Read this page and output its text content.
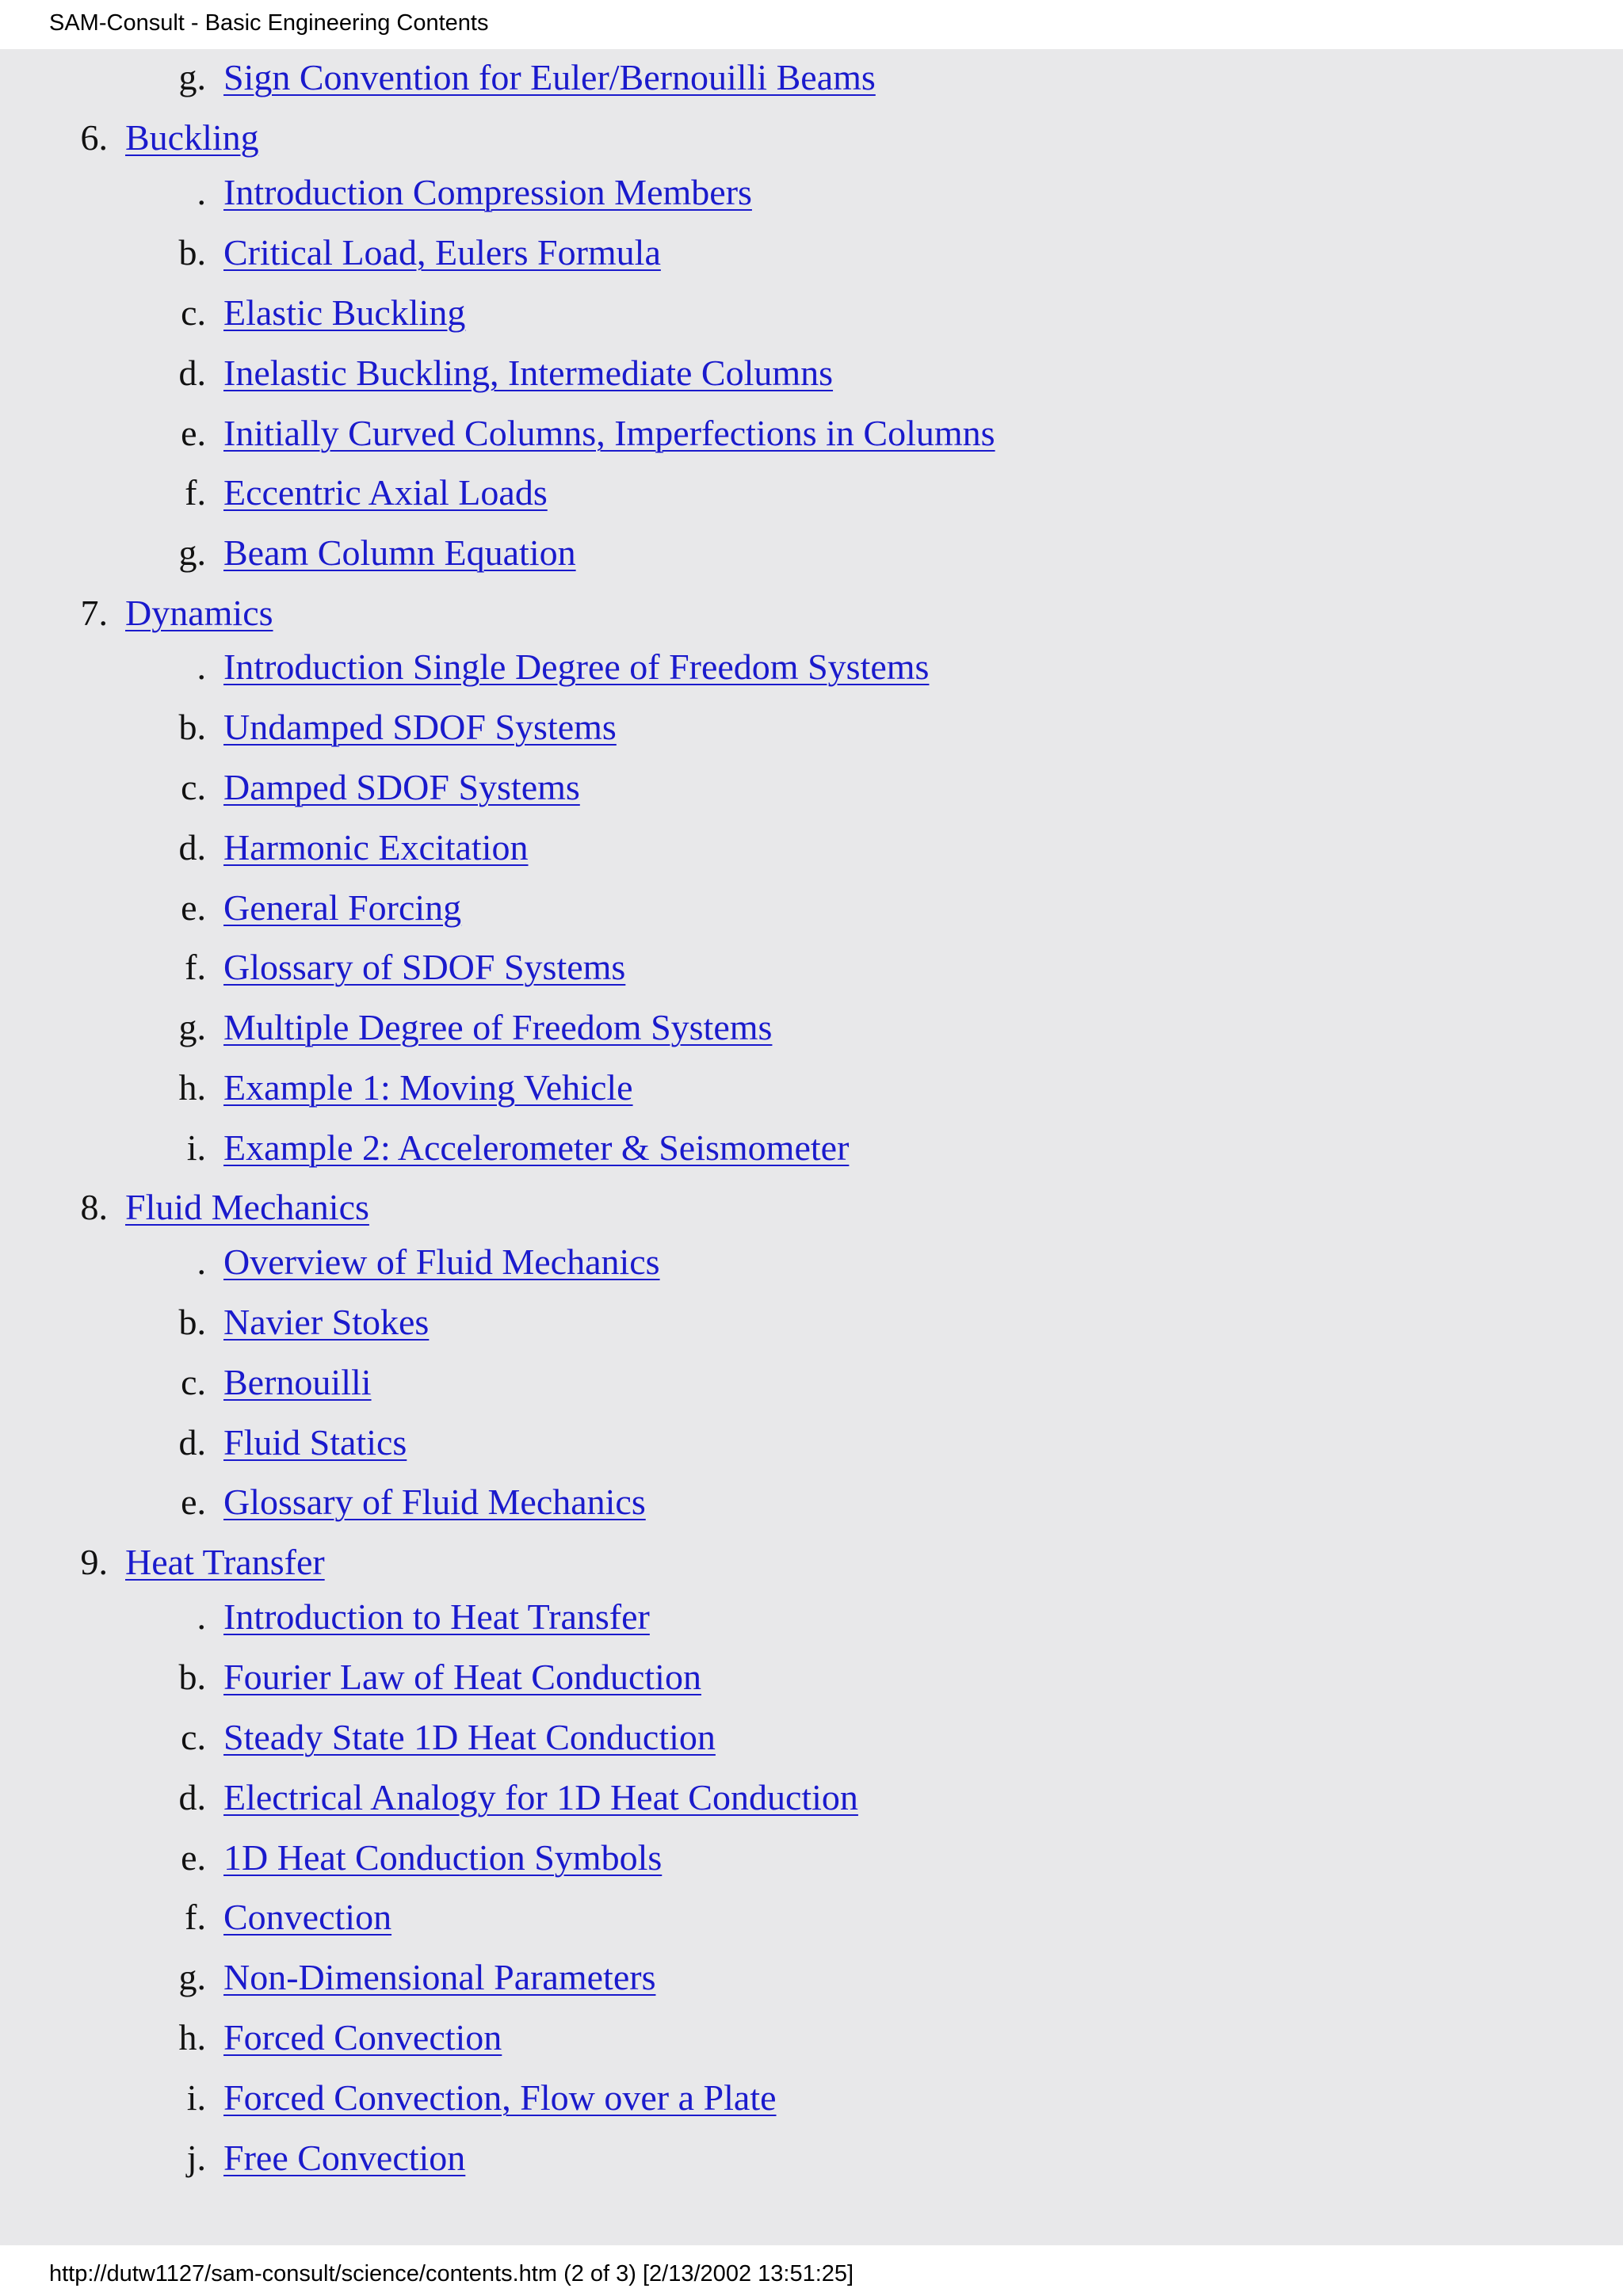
SAM-Consult - Basic Engineering Contents
g. Sign Convention for Euler/Bernouilli Beams
6. Buckling
. Introduction Compression Members
b. Critical Load, Eulers Formula
c. Elastic Buckling
d. Inelastic Buckling, Intermediate Columns
e. Initially Curved Columns, Imperfections in Columns
f. Eccentric Axial Loads
g. Beam Column Equation
7. Dynamics
. Introduction Single Degree of Freedom Systems
b. Undamped SDOF Systems
c. Damped SDOF Systems
d. Harmonic Excitation
e. General Forcing
f. Glossary of SDOF Systems
g. Multiple Degree of Freedom Systems
h. Example 1: Moving Vehicle
i. Example 2: Accelerometer & Seismometer
8. Fluid Mechanics
. Overview of Fluid Mechanics
b. Navier Stokes
c. Bernouilli
d. Fluid Statics
e. Glossary of Fluid Mechanics
9. Heat Transfer
. Introduction to Heat Transfer
b. Fourier Law of Heat Conduction
c. Steady State 1D Heat Conduction
d. Electrical Analogy for 1D Heat Conduction
e. 1D Heat Conduction Symbols
f. Convection
g. Non-Dimensional Parameters
h. Forced Convection
i. Forced Convection, Flow over a Plate
j. Free Convection
http://dutw1127/sam-consult/science/contents.htm (2 of 3) [2/13/2002 13:51:25]
